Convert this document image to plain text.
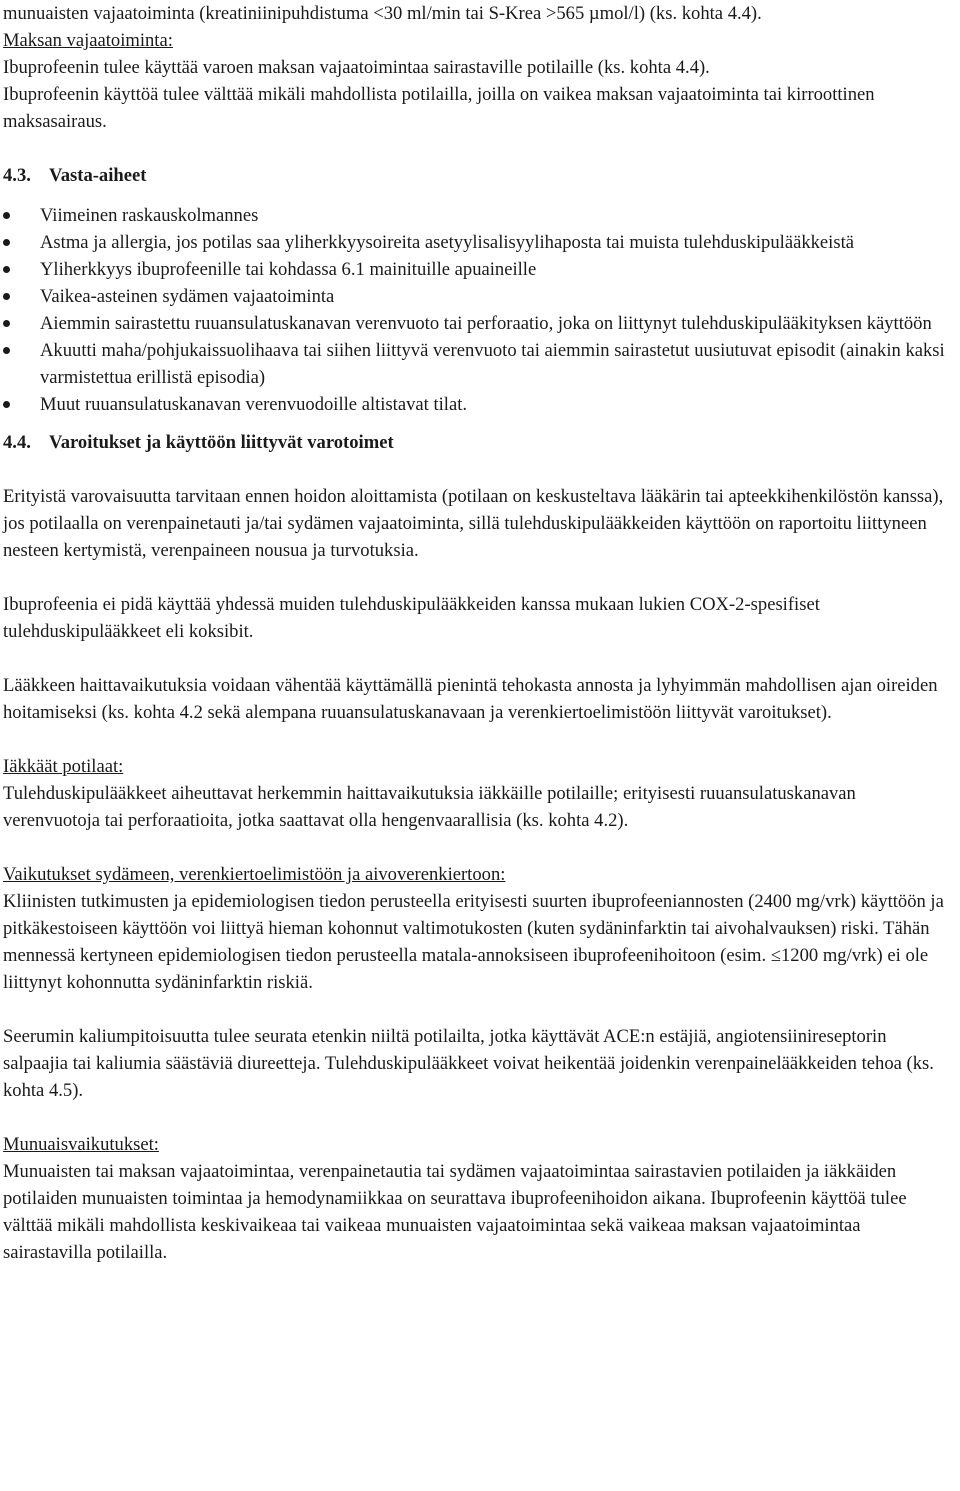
munuaisten vajaatoiminta (kreatiniinipuhdistuma <30 ml/min tai S-Krea >565 µmol/l) (ks. kohta 4.4).

Maksan vajaatoiminta:

Ibuprofeenin tulee käyttää varoen maksan vajaatoimintaa sairastaville potilaille (ks. kohta 4.4).

Ibuprofeenin käyttöä tulee välttää mikäli mahdollista potilailla, joilla on vaikea maksan vajaatoiminta tai kirroottinen maksasairaus.

4.3. Vasta-aiheet
Viimeinen raskauskolmannes
Astma ja allergia, jos potilas saa yliherkkyysoireita asetyylisalisyylihaposta tai muista tulehduskipulääkkeistä
Yliherkkyys ibuprofeenille tai kohdassa 6.1 mainituille apuaineille
Vaikea-asteinen sydämen vajaatoiminta
Aiemmin sairastettu ruuansulatuskanavan verenvuoto tai perforaatio, joka on liittynyt tulehduskipulääkityksen käyttöön
Akuutti maha/pohjukaissuolihaava tai siihen liittyvä verenvuoto tai aiemmin sairastetut uusiutuvat episodit (ainakin kaksi varmistettua erillistä episodia)
Muut ruuansulatuskanavan verenvuodoille altistavat tilat.
4.4. Varoitukset ja käyttöön liittyvät varotoimet

Erityistä varovaisuutta tarvitaan ennen hoidon aloittamista (potilaan on keskusteltava lääkärin tai apteekkihenkilöstön kanssa), jos potilaalla on verenpainetauti ja/tai sydämen vajaatoiminta, sillä tulehduskipulääkkeiden käyttöön on raportoitu liittyneen nesteen kertymistä, verenpaineen nousua ja turvotuksia.

Ibuprofeenia ei pidä käyttää yhdessä muiden tulehduskipulääkkeiden kanssa mukaan lukien COX-2-spesifiset tulehduskipulääkkeet eli koksibit.

Lääkkeen haittavaikutuksia voidaan vähentää käyttämällä pienintä tehokasta annosta ja lyhyimmän mahdollisen ajan oireiden hoitamiseksi (ks. kohta 4.2 sekä alempana ruuansulatuskanavaan ja verenkiertoelimistöön liittyvät varoitukset).

Iäkkäät potilaat:

Tulehduskipulääkkeet aiheuttavat herkemmin haittavaikutuksia iäkkäille potilaille; erityisesti ruuansulatuskanavan verenvuotoja tai perforaatioita, jotka saattavat olla hengenvaarallisia (ks. kohta 4.2).

Vaikutukset sydämeen, verenkiertoelimistöön ja aivoverenkiertoon:

Kliinisten tutkimusten ja epidemiologisen tiedon perusteella erityisesti suurten ibuprofeeniannosten (2400 mg/vrk) käyttöön ja pitkäkestoiseen käyttöön voi liittyä hieman kohonnut valtimotukosten (kuten sydäninfarktin tai aivohalvauksen) riski. Tähän mennessä kertyneen epidemiologisen tiedon perusteella matala-annoksiseen ibuprofeenihoitoon (esim. ≤1200 mg/vrk) ei ole liittynyt kohonnutta sydäninfarktin riskiä.

Seerumin kaliumpitoisuutta tulee seurata etenkin niiltä potilailta, jotka käyttävät ACE:n estäjiä, angiotensiinireseptorin salpaajia tai kaliumia säästäviä diureetteja. Tulehduskipulääkkeet voivat heikentää joidenkin verenpainelääkkeiden tehoa (ks. kohta 4.5).

Munuaisvaikutukset:

Munuaisten tai maksan vajaatoimintaa, verenpainetautia tai sydämen vajaatoimintaa sairastavien potilaiden ja iäkkäiden potilaiden munuaisten toimintaa ja hemodynamiikkaa on seurattava ibuprofeenihoidon aikana. Ibuprofeenin käyttöä tulee välttää mikäli mahdollista keskivaikeaa tai vaikeaa munuaisten vajaatoimintaa sekä vaikeaa maksan vajaatoimintaa sairastavilla potilailla.
